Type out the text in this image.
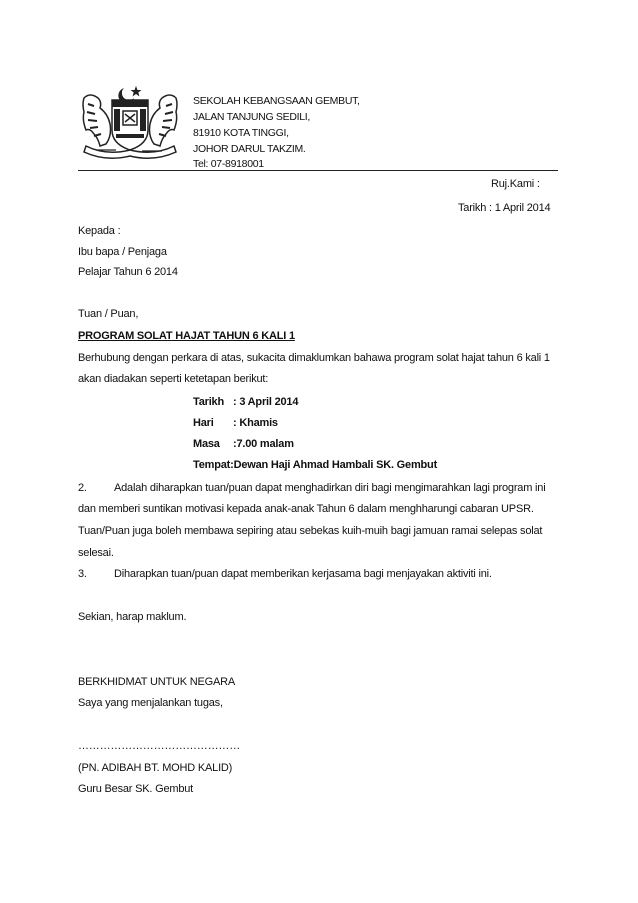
SEKOLAH KEBANGSAAN GEMBUT,
JALAN TANJUNG SEDILI,
81910 KOTA TINGGI,
JOHOR DARUL TAKZIM.
Tel: 07-8918001
Ruj.Kami :
Tarikh : 1 April 2014
Kepada :
Ibu bapa / Penjaga
Pelajar Tahun 6 2014
Tuan / Puan,
PROGRAM SOLAT HAJAT TAHUN 6 KALI 1
Berhubung dengan perkara di atas, sukacita dimaklumkan bahawa program solat hajat tahun 6 kali 1
akan diadakan seperti ketetapan berikut:
Tarikh : 3 April 2014
Hari : Khamis
Masa :7.00 malam
Tempat:Dewan Haji Ahmad Hambali SK. Gembut
2. Adalah diharapkan tuan/puan dapat menghadirkan diri bagi mengimarahkan lagi program ini
dan memberi suntikan motivasi kepada anak-anak Tahun 6 dalam menghharungi cabaran UPSR.
Tuan/Puan juga boleh membawa sepiring atau sebekas kuih-muih bagi jamuan ramai selepas solat
selesai.
3. Diharapkan tuan/puan dapat memberikan kerjasama bagi menjayakan aktiviti ini.
Sekian, harap maklum.
BERKHIDMAT UNTUK NEGARA
Saya yang menjalankan tugas,
………………………………………
(PN. ADIBAH BT. MOHD KALID)
Guru Besar SK. Gembut
